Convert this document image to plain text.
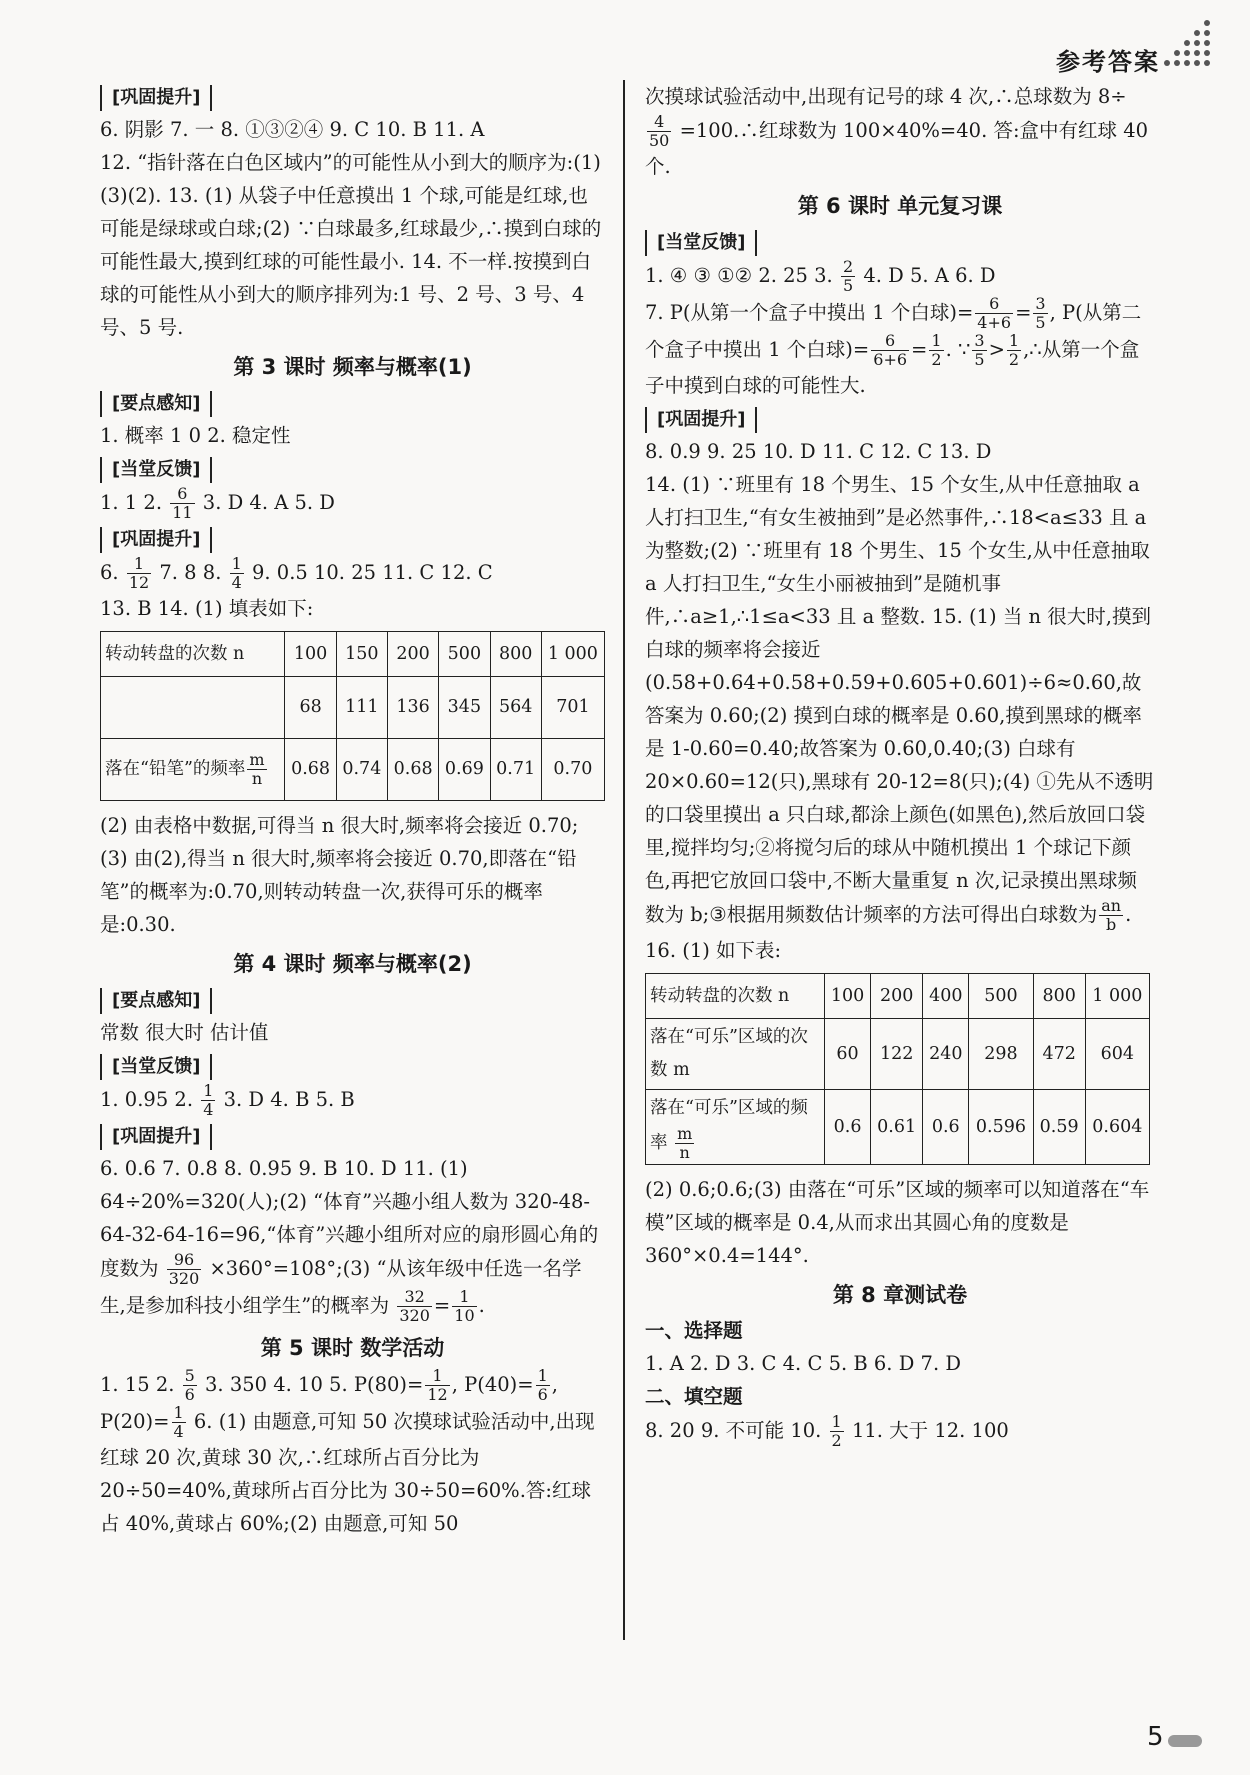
参考答案
[巩固提升]

6. 阴影 7. 一 8. ①③②④ 9. C 10. B 11. A

12. “指针落在白色区域内”的可能性从小到大的顺序为:(1)(3)(2). 13. (1) 从袋子中任意摸出 1 个球,可能是红球,也可能是绿球或白球;(2) ∵白球最多,红球最少,∴摸到白球的可能性最大,摸到红球的可能性最小. 14. 不一样.按摸到白球的可能性从小到大的顺序排列为:1 号、2 号、3 号、4 号、5 号.

第 3 课时 频率与概率(1)
[要点感知]

1. 概率 1 0 2. 稳定性

[当堂反馈]

1. 1 2. $\frac{6}{11} 3$. D 4. A 5. D

[巩固提升]

6. $\frac{1}{12} 7$. 8 8. $\frac{1}{4} 9$. 0.5 10. 25 11. C 12. C

13. B 14. (1) 填表如下:

转动转盘的次数 n	100	150	200	500	800	1 000
	68	111	136	345	564	701
落在“铅笔”的频率 $\frac{m}{n}$	0.68	0.74	0.68	0.69	0.71	0.70

(2) 由表格中数据,可得当 n 很大时,频率将会接近 0.70;(3) 由(2),得当 n 很大时,频率将会接近 0.70,即落在“铅笔”的概率为:0.70,则转动转盘一次,获得可乐的概率是:0.30.

第 4 课时 频率与概率(2)
[要点感知]

常数 很大时 估计值

[当堂反馈]

1. 0.95 2. $\frac{1}{4} 3$. D 4. B 5. B

[巩固提升]

6. 0.6 7. 0.8 8. 0.95 9. B 10. D 11. (1) 64÷20%=320(人);(2) “体育”兴趣小组人数为 320-48-64-32-64-16=96,“体育”兴趣小组所对应的扇形圆心角的度数为 $\frac{96}{320}$ ×360°=108°;(3) “从该年级中任选一名学生,是参加科技小组学生”的概率为 $\frac{32}{320} = \frac{1}{10}$ .

第 5 课时 数学活动

1. 15 2. $\frac{5}{6} 3$. 350 4. 10 5. $P(80)= \frac{1}{12}$ , $P(40)= \frac{1}{6}$ , $P(20)= \frac{1}{4} 6$. (1) 由题意,可知 50 次摸球试验活动中,出现红球 20 次,黄球 30 次,∴红球所占百分比为 20÷50=40%,黄球所占百分比为 30÷50=60%.答:红球占 40%,黄球占 60%;(2) 由题意,可知 50

次摸球试验活动中,出现有记号的球 4 次,∴总球数为 8÷
$\frac{4}{50}$ =100.∴红球数为 100×40%=40. 答:盒中有红球 40 个.

第 6 课时 单元复习课
[当堂反馈]

1. ④ ③ ①② 2. 25 3. $\frac{2}{5} 4$. D 5. A 6. D

7. P(从第一个盒子中摸出 1 个白球)= $\frac{6}{4+6} = \frac{3}{5}$ , P(从第二个盒子中摸出 1 个白球)= $\frac{6}{6+6} = \frac{1}{2}$ . ∵ $\frac{3}{5} > \frac{1}{2}$ ,∴从第一个盒子中摸到白球的可能性大.

[巩固提升]

8. 0.9 9. 25 10. D 11. C 12. C 13. D

14. (1) ∵班里有 18 个男生、15 个女生,从中任意抽取 a 人打扫卫生,“有女生被抽到”是必然事件,∴18<a≤33 且 a 为整数;(2) ∵班里有 18 个男生、15 个女生,从中任意抽取 a 人打扫卫生,“女生小丽被抽到”是随机事件,∴a≥1,∴1≤a<33 且 a 整数. 15. (1) 当 n 很大时,摸到白球的频率将会接近(0.58+0.64+0.58+0.59+0.605+0.601)÷6≈0.60,故答案为 0.60;(2) 摸到白球的概率是 0.60,摸到黑球的概率是 1-0.60=0.40;故答案为 0.60,0.40;(3) 白球有 20×0.60=12(只),黑球有 20-12=8(只);(4) ①先从不透明的口袋里摸出 a 只白球,都涂上颜色(如黑色),然后放回口袋里,搅拌均匀;②将搅匀后的球从中随机摸出 1 个球记下颜色,再把它放回口袋中,不断大量重复 n 次,记录摸出黑球频数为 b;③根据用频数估计频率的方法可得出白球数为 $\frac{an}{b}$ .

16. (1) 如下表:

转动转盘的次数 n	100	200	400	500	800	1 000
落在“可乐”区域的次数 m	60	122	240	298	472	604
落在“可乐”区域的频率 $\frac{m}{n}$	0.6	0.61	0.6	0.596	0.59	0.604

(2) 0.6;0.6;(3) 由落在“可乐”区域的频率可以知道落在“车模”区域的概率是 0.4,从而求出其圆心角的度数是 360°×0.4=144°.

第 8 章测试卷

一、选择题

1. A 2. D 3. C 4. C 5. B 6. D 7. D

二、填空题

8. 20 9. 不可能 10. $\frac{1}{2} 11$. 大于 12. 100

5
